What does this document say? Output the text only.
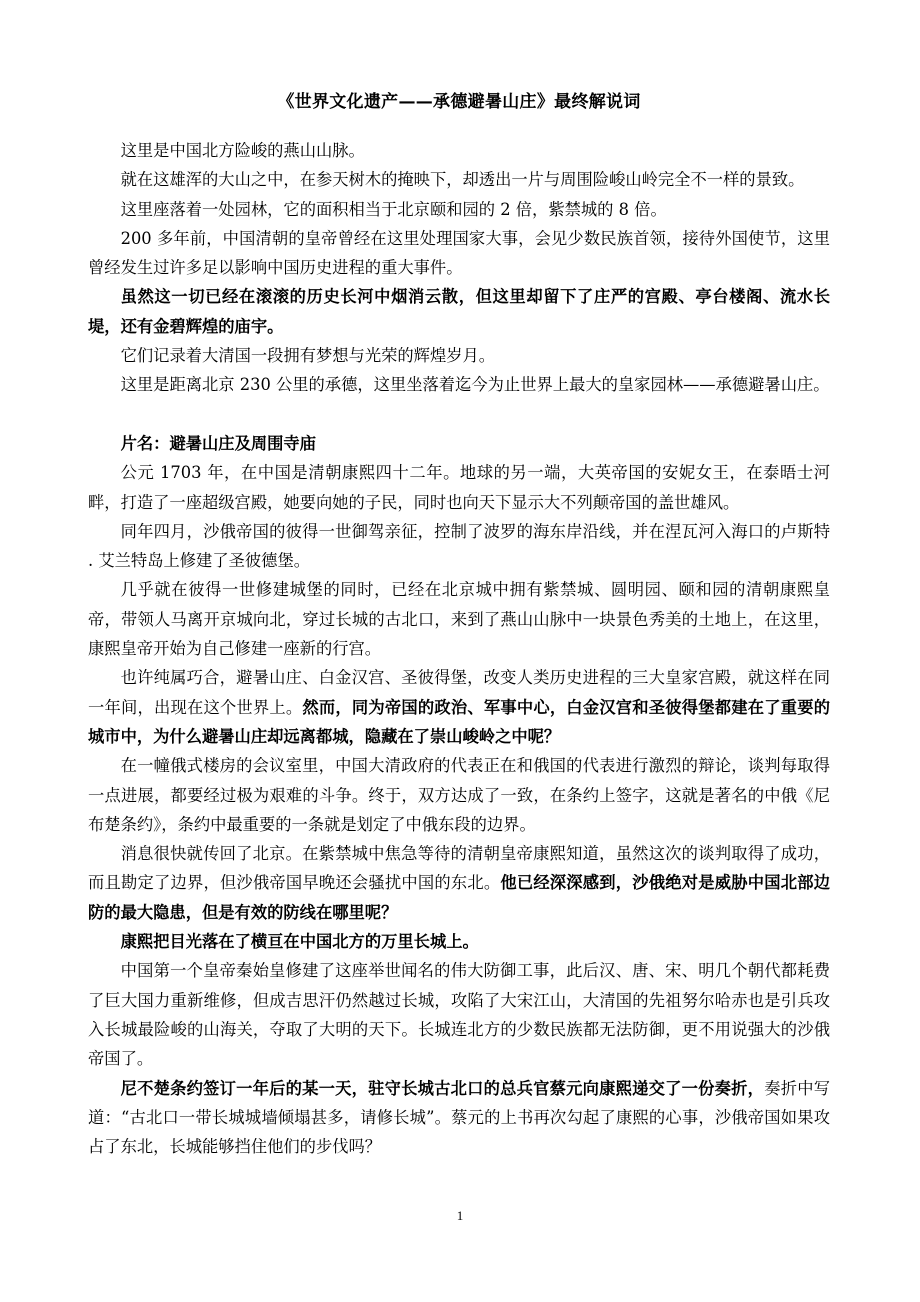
《世界文化遗产——承德避暑山庄》最终解说词

这里是中国北方险峻的燕山山脉。

就在这雄浑的大山之中，在参天树木的掩映下，却透出一片与周围险峻山岭完全不一样的景致。

这里座落着一处园林，它的面积相当于北京颐和园的 2 倍，紫禁城的 8 倍。

200 多年前，中国清朝的皇帝曾经在这里处理国家大事，会见少数民族首领，接待外国使节，这里曾经发生过许多足以影响中国历史进程的重大事件。

虽然这一切已经在滚滚的历史长河中烟消云散，但这里却留下了庄严的宫殿、亭台楼阁、流水长堤，还有金碧辉煌的庙宇。

它们记录着大清国一段拥有梦想与光荣的辉煌岁月。

这里是距离北京 230 公里的承德，这里坐落着迄今为止世界上最大的皇家园林——承德避暑山庄。

片名：避暑山庄及周围寺庙

公元 1703 年，在中国是清朝康熙四十二年。地球的另一端，大英帝国的安妮女王，在泰晤士河畔，打造了一座超级宫殿，她要向她的子民，同时也向天下显示大不列颠帝国的盖世雄风。

同年四月，沙俄帝国的彼得一世御驾亲征，控制了波罗的海东岸沿线，并在涅瓦河入海口的卢斯特 . 艾兰特岛上修建了圣彼德堡。

几乎就在彼得一世修建城堡的同时，已经在北京城中拥有紫禁城、圆明园、颐和园的清朝康熙皇帝，带领人马离开京城向北，穿过长城的古北口，来到了燕山山脉中一块景色秀美的土地上，在这里，康熙皇帝开始为自己修建一座新的行宫。

也许纯属巧合，避暑山庄、白金汉宫、圣彼得堡，改变人类历史进程的三大皇家宫殿，就这样在同一年间，出现在这个世界上。然而，同为帝国的政治、军事中心，白金汉宫和圣彼得堡都建在了重要的城市中，为什么避暑山庄却远离都城，隐藏在了崇山峻岭之中呢？

在一幢俄式楼房的会议室里，中国大清政府的代表正在和俄国的代表进行激烈的辩论，谈判每取得一点进展，都要经过极为艰难的斗争。终于，双方达成了一致，在条约上签字，这就是著名的中俄《尼布楚条约》，条约中最重要的一条就是划定了中俄东段的边界。

消息很快就传回了北京。在紫禁城中焦急等待的清朝皇帝康熙知道，虽然这次的谈判取得了成功，而且勘定了边界，但沙俄帝国早晚还会骚扰中国的东北。他已经深深感到，沙俄绝对是威胁中国北部边防的最大隐患，但是有效的防线在哪里呢？

康熙把目光落在了横亘在中国北方的万里长城上。

中国第一个皇帝秦始皇修建了这座举世闻名的伟大防御工事，此后汉、唐、宋、明几个朝代都耗费了巨大国力重新维修，但成吉思汗仍然越过长城，攻陷了大宋江山，大清国的先祖努尔哈赤也是引兵攻入长城最险峻的山海关，夺取了大明的天下。长城连北方的少数民族都无法防御，更不用说强大的沙俄帝国了。

尼不楚条约签订一年后的某一天，驻守长城古北口的总兵官蔡元向康熙递交了一份奏折，奏折中写道：“古北口一带长城城墙倾塌甚多，请修长城”。蔡元的上书再次勾起了康熙的心事，沙俄帝国如果攻占了东北，长城能够挡住他们的步伐吗？

1
